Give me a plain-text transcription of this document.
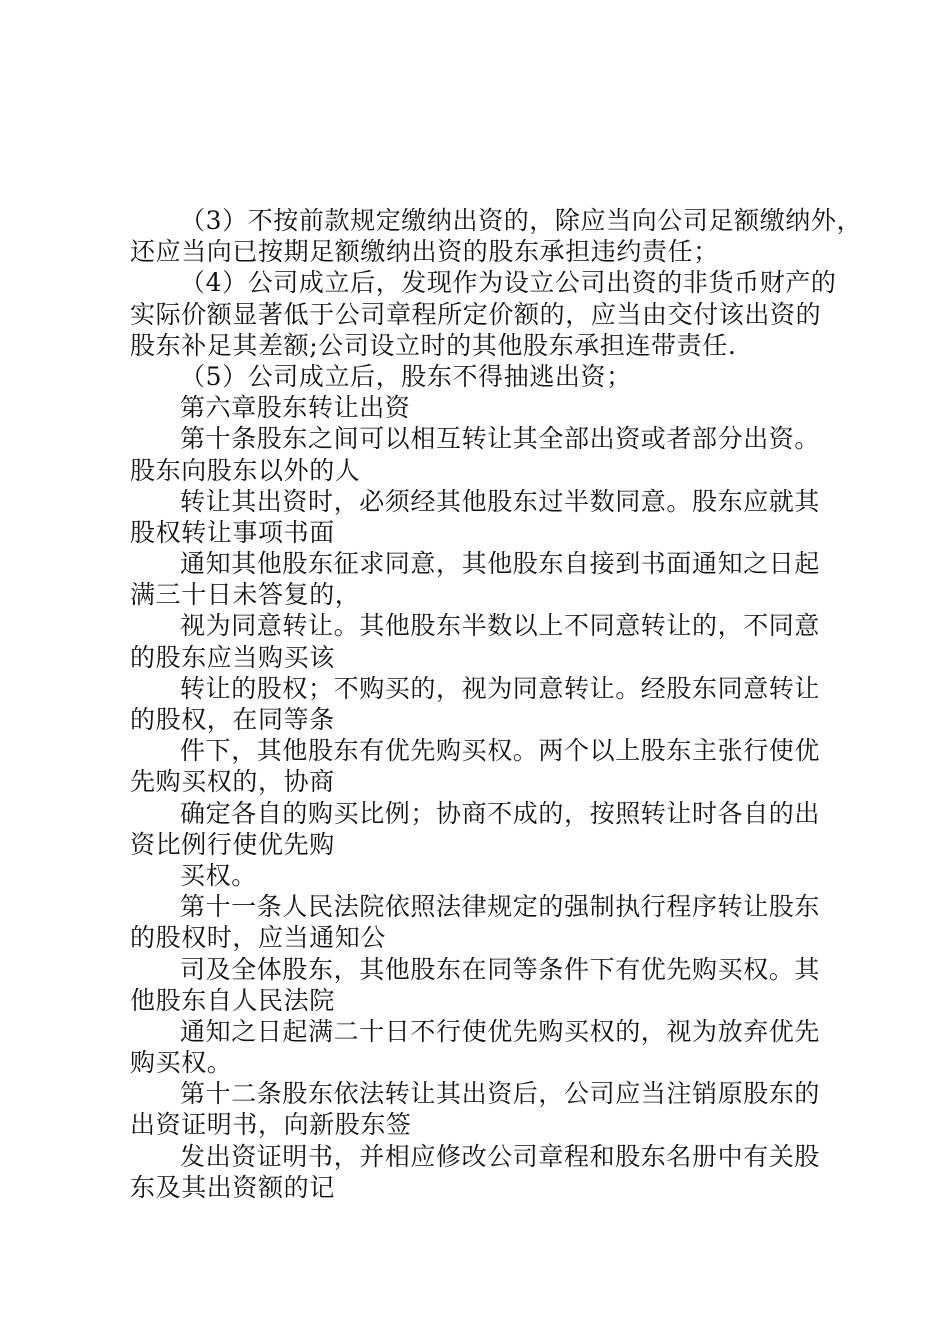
（3）不按前款规定缴纳出资的，除应当向公司足额缴纳外，
还应当向已按期足额缴纳出资的股东承担违约责任；
（4）公司成立后，发现作为设立公司出资的非货币财产的
实际价额显著低于公司章程所定价额的，应当由交付该出资的
股东补足其差额;公司设立时的其他股东承担连带责任.
（5）公司成立后，股东不得抽逃出资；
第六章股东转让出资
第十条股东之间可以相互转让其全部出资或者部分出资。
股东向股东以外的人
转让其出资时，必须经其他股东过半数同意。股东应就其
股权转让事项书面
通知其他股东征求同意，其他股东自接到书面通知之日起
满三十日未答复的，
视为同意转让。其他股东半数以上不同意转让的，不同意
的股东应当购买该
转让的股权；不购买的，视为同意转让。经股东同意转让
的股权，在同等条
件下，其他股东有优先购买权。两个以上股东主张行使优
先购买权的，协商
确定各自的购买比例；协商不成的，按照转让时各自的出
资比例行使优先购
买权。
第十一条人民法院依照法律规定的强制执行程序转让股东
的股权时，应当通知公
司及全体股东，其他股东在同等条件下有优先购买权。其
他股东自人民法院
通知之日起满二十日不行使优先购买权的，视为放弃优先
购买权。
第十二条股东依法转让其出资后，公司应当注销原股东的
出资证明书，向新股东签
发出资证明书，并相应修改公司章程和股东名册中有关股
东及其出资额的记
